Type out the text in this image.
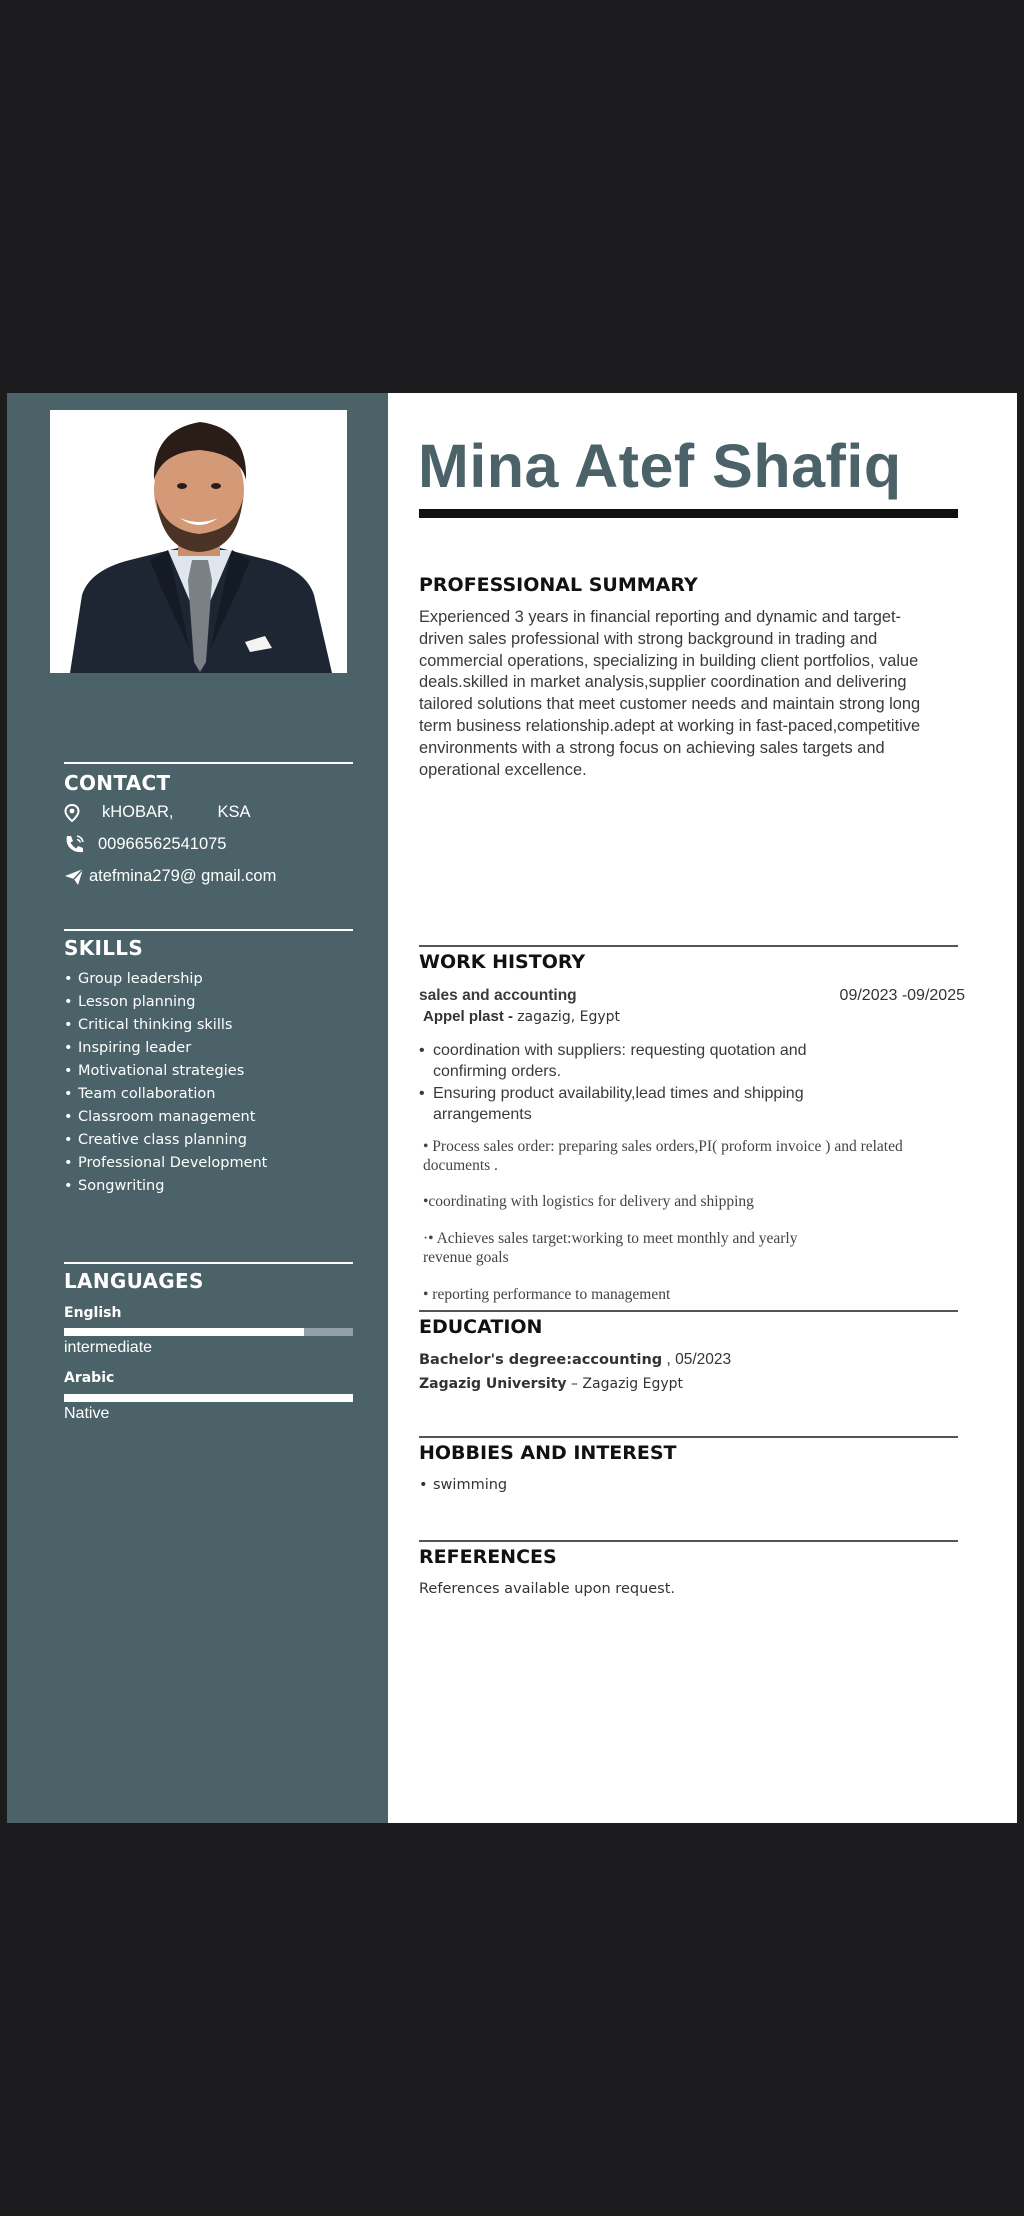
CONTACT
kHOBAR,	KSA
00966562541075
atefmina279@ gmail.com
SKILLS
• Group leadership
• Lesson planning
• Critical thinking skills
• Inspiring leader
• Motivational strategies
• Team collaboration
• Classroom management
• Creative class planning
• Professional Development
• Songwriting
LANGUAGES
English
intermediate
Arabic
Native
Mina Atef Shafiq
PROFESSIONAL SUMMARY

Experienced 3 years in financial reporting and dynamic and target-driven sales professional with strong background in trading and commercial operations, specializing in building client portfolios, value deals.skilled in market analysis,supplier coordination and delivering tailored solutions that meet customer needs and maintain strong long term business relationship.adept at working in fast-paced,competitive environments with a strong focus on achieving sales targets and operational excellence.

WORK HISTORY
sales and accounting	09/2023 -09/2025
Appel plast - zagazig, Egypt
• coordination with suppliers: requesting quotation and confirming orders.
• Ensuring product availability,lead times and shipping arrangements
• Process sales order: preparing sales orders,PI( proform invoice ) and related documents .
•coordinating with logistics for delivery and shipping
·• Achieves sales target:working to meet monthly and yearly revenue goals
• reporting performance to management
EDUCATION
Bachelor's degree:accounting , 05/2023
Zagazig University – Zagazig Egypt
HOBBIES AND INTEREST
• swimming
REFERENCES
References available upon request.
